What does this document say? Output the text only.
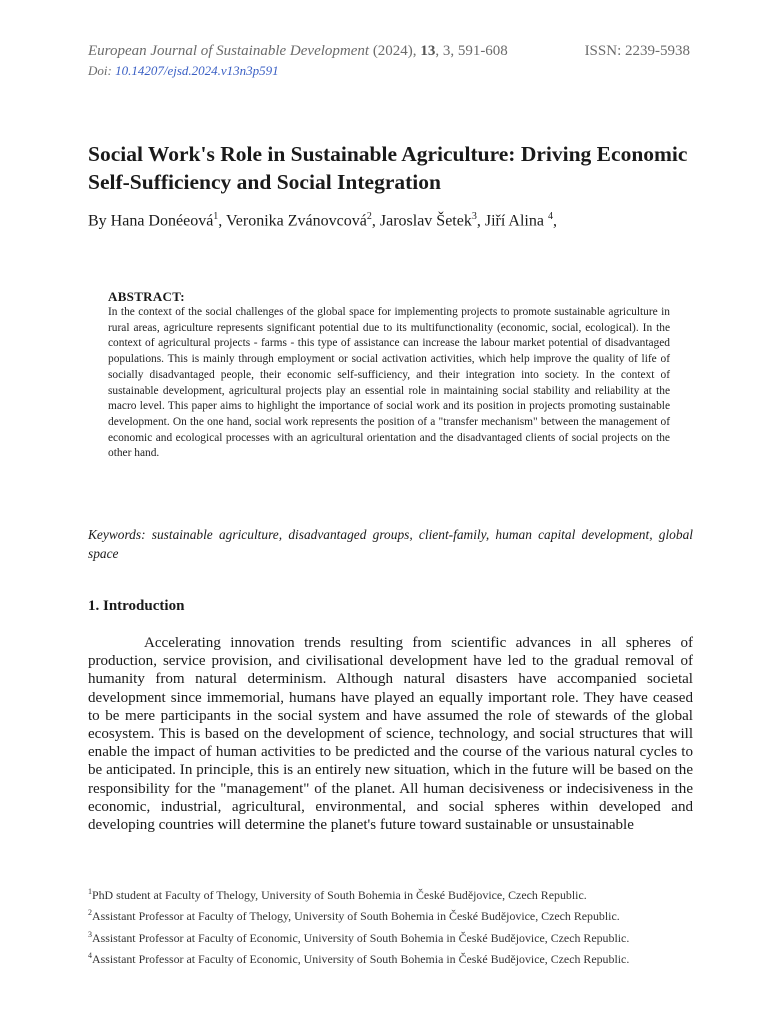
European Journal of Sustainable Development (2024), 13, 3, 591-608	ISSN: 2239-5938
Doi: 10.14207/ejsd.2024.v13n3p591
Social Work's Role in Sustainable Agriculture: Driving Economic Self-Sufficiency and Social Integration
By Hana Donéeová$^1$, Veronika Zvánovcová$^2$, Jaroslav Šetek$^3$, Jiří Alina $^4$,
ABSTRACT:

In the context of the social challenges of the global space for implementing projects to promote sustainable agriculture in rural areas, agriculture represents significant potential due to its multifunctionality (economic, social, ecological). In the context of agricultural projects - farms - this type of assistance can increase the labour market potential of disadvantaged populations. This is mainly through employment or social activation activities, which help improve the quality of life of socially disadvantaged people, their economic self-sufficiency, and their integration into society. In the context of sustainable development, agricultural projects play an essential role in maintaining social stability and reliability at the macro level. This paper aims to highlight the importance of social work and its position in projects promoting sustainable development. On the one hand, social work represents the position of a "transfer mechanism" between the management of economic and ecological processes with an agricultural orientation and the disadvantaged clients of social projects on the other hand.

Keywords: sustainable agriculture, disadvantaged groups, client-family, human capital development, global space

1. Introduction

Accelerating innovation trends resulting from scientific advances in all spheres of production, service provision, and civilisational development have led to the gradual removal of humanity from natural determinism. Although natural disasters have accompanied societal development since immemorial, humans have played an equally important role. They have ceased to be mere participants in the social system and have assumed the role of stewards of the global ecosystem. This is based on the development of science, technology, and social structures that will enable the impact of human activities to be predicted and the course of the various natural cycles to be anticipated. In principle, this is an entirely new situation, which in the future will be based on the responsibility for the "management" of the planet. All human decisiveness or indecisiveness in the economic, industrial, agricultural, environmental, and social spheres within developed and developing countries will determine the planet's future toward sustainable or unsustainable

$^1$PhD student at Faculty of Thelogy, University of South Bohemia in České Budějovice, Czech Republic.

$^2$Assistant Professor at Faculty of Thelogy, University of South Bohemia in České Budějovice, Czech Republic.

$^3$Assistant Professor at Faculty of Economic, University of South Bohemia in České Budějovice, Czech Republic.

$^4$Assistant Professor at Faculty of Economic, University of South Bohemia in České Budějovice, Czech Republic.
